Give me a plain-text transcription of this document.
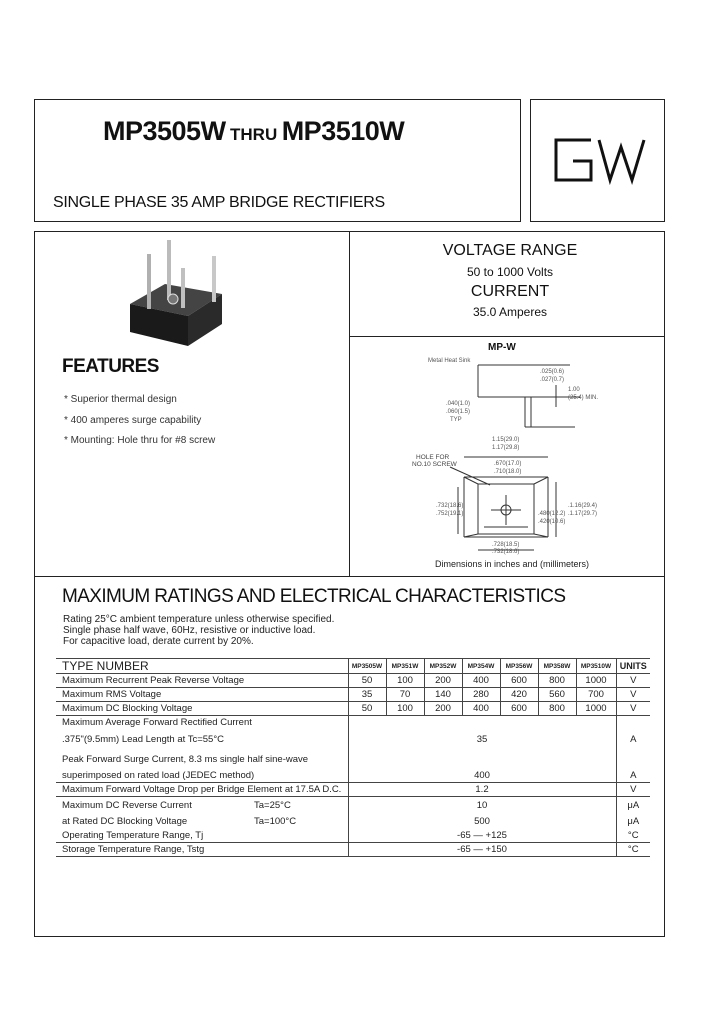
MP3505W THRU MP3510W
SINGLE PHASE 35 AMP BRIDGE RECTIFIERS
FEATURES
* Superior thermal design
* 400 amperes surge capability
* Mounting: Hole thru for #8 screw
VOLTAGE RANGE
50 to 1000 Volts
CURRENT
35.0 Amperes
MP-W
Metal Heat Sink
.025(0.6)
.027(0.7)
1.00
(25.4) MIN.
.040(1.0)
.060(1.5)
TYP
1.15(29.0)
1.17(29.8)
HOLE FOR
NO.10 SCREW	.670(17.0)
.710(18.0)
.732(18.6)
.752(19.1)
.1.16(29.4)
.1.17(29.7)
.480(12.2)
.420(10.6)
.728(18.5)
.732(18.6)
Dimensions in inches and (millimeters)
MAXIMUM RATINGS AND ELECTRICAL CHARACTERISTICS
Rating 25°C ambient temperature unless otherwise specified.
Single phase half wave, 60Hz, resistive or inductive load.
For capacitive load, derate current by 20%.
TYPE NUMBER	MP3505W	MP351W	MP352W	MP354W	MP356W	MP358W	MP3510W	UNITS
Maximum Recurrent Peak Reverse Voltage	50	100	200	400	600	800	1000	V
Maximum RMS Voltage	35	70	140	280	420	560	700	V
Maximum DC Blocking Voltage	50	100	200	400	600	800	1000	V
Maximum Average Forward Rectified Current								
.375"(9.5mm) Lead Length at Tc=55°C	35							A
Peak Forward Surge Current, 8.3 ms single half sine-wave								
superimposed on rated load (JEDEC method)	400							A
Maximum Forward Voltage Drop per Bridge Element at 17.5A D.C.	1.2							V
Maximum DC Reverse Current Ta=25°C	10							μA
at Rated DC Blocking Voltage Ta=100°C	500							μA
Operating Temperature Range, Tj	-65 — +125							°C
Storage Temperature Range, Tstg	-65 — +150							°C
